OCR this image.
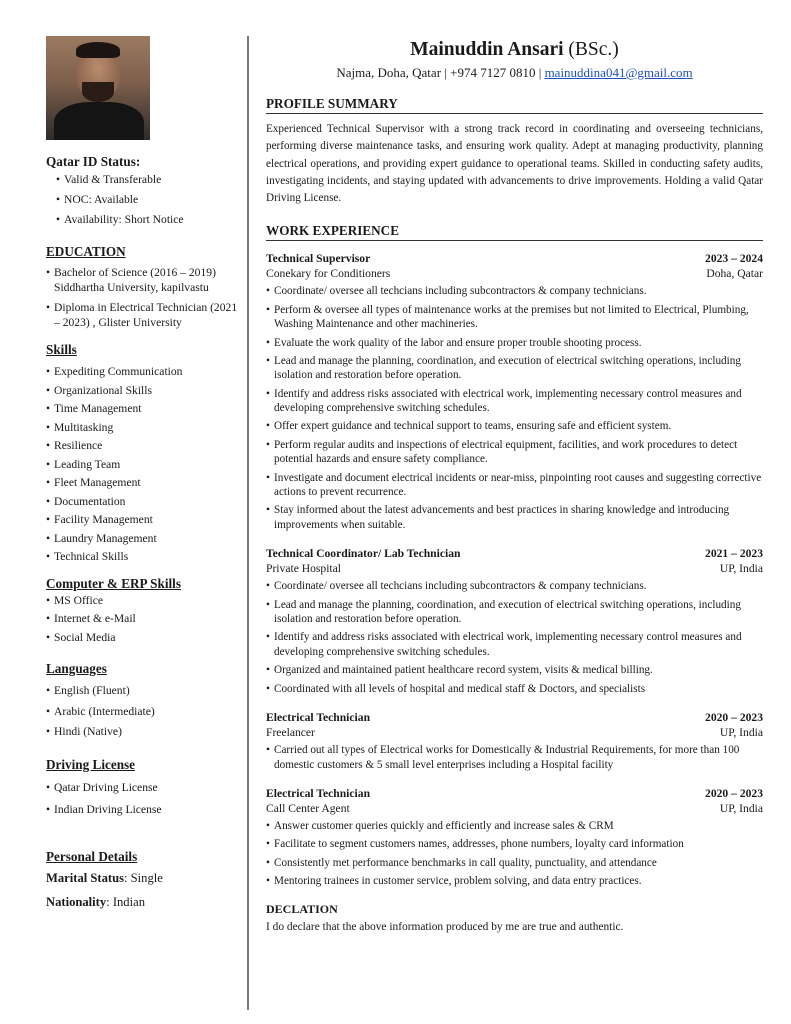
Qatar ID Status:
• Valid & Transferable
• NOC: Available
• Availability: Short Notice
EDUCATION
• Bachelor of Science (2016 – 2019) Siddhartha University, kapilvastu
• Diploma in Electrical Technician (2021 – 2023) , Glister University
Skills
• Expediting Communication
• Organizational Skills
• Time Management
• Multitasking
• Resilience
• Leading Team
• Fleet Management
• Documentation
• Facility Management
• Laundry Management
• Technical Skills
Computer & ERP Skills
• MS Office
• Internet & e-Mail
• Social Media
Languages
• English (Fluent)
• Arabic (Intermediate)
• Hindi (Native)
Driving License
• Qatar Driving License
• Indian Driving License
Personal Details
Marital Status: Single
Nationality: Indian
Mainuddin Ansari (BSc.)
Najma, Doha, Qatar | +974 7127 0810 | mainuddina041@gmail.com
PROFILE SUMMARY

Experienced Technical Supervisor with a strong track record in coordinating and overseeing technicians, performing diverse maintenance tasks, and ensuring work quality. Adept at managing productivity, planning electrical operations, and providing expert guidance to operational teams. Skilled in conducting safety audits, investigating incidents, and staying updated with advancements to drive improvements. Holding a valid Qatar Driving License.

WORK EXPERIENCE
Technical Supervisor	2023 – 2024
Conekary for Conditioners	Doha, Qatar
• Coordinate/ oversee all techcians including subcontractors & company technicians.
• Perform & oversee all types of maintenance works at the premises but not limited to Electrical, Plumbing, Washing Maintenance and other machineries.
• Evaluate the work quality of the labor and ensure proper trouble shooting process.
• Lead and manage the planning, coordination, and execution of electrical switching operations, including isolation and restoration before operation.
• Identify and address risks associated with electrical work, implementing necessary control measures and developing comprehensive switching schedules.
• Offer expert guidance and technical support to teams, ensuring safe and efficient system.
• Perform regular audits and inspections of electrical equipment, facilities, and work procedures to detect potential hazards and ensure safety compliance.
• Investigate and document electrical incidents or near-miss, pinpointing root causes and suggesting corrective actions to prevent recurrence.
• Stay informed about the latest advancements and best practices in sharing knowledge and introducing improvements when suitable.
Technical Coordinator/ Lab Technician	2021 – 2023
Private Hospital	UP, India
• Coordinate/ oversee all techcians including subcontractors & company technicians.
• Lead and manage the planning, coordination, and execution of electrical switching operations, including isolation and restoration before operation.
• Identify and address risks associated with electrical work, implementing necessary control measures and developing comprehensive switching schedules.
• Organized and maintained patient healthcare record system, visits & medical billing.
• Coordinated with all levels of hospital and medical staff & Doctors, and specialists
Electrical Technician	2020 – 2023
Freelancer	UP, India
• Carried out all types of Electrical works for Domestically & Industrial Requirements, for more than 100 domestic customers & 5 small level enterprises including a Hospital facility
Electrical Technician	2020 – 2023
Call Center Agent	UP, India
• Answer customer queries quickly and efficiently and increase sales & CRM
• Facilitate to segment customers names, addresses, phone numbers, loyalty card information
• Consistently met performance benchmarks in call quality, punctuality, and attendance
• Mentoring trainees in customer service, problem solving, and data entry practices.
DECLATION

I do declare that the above information produced by me are true and authentic.
